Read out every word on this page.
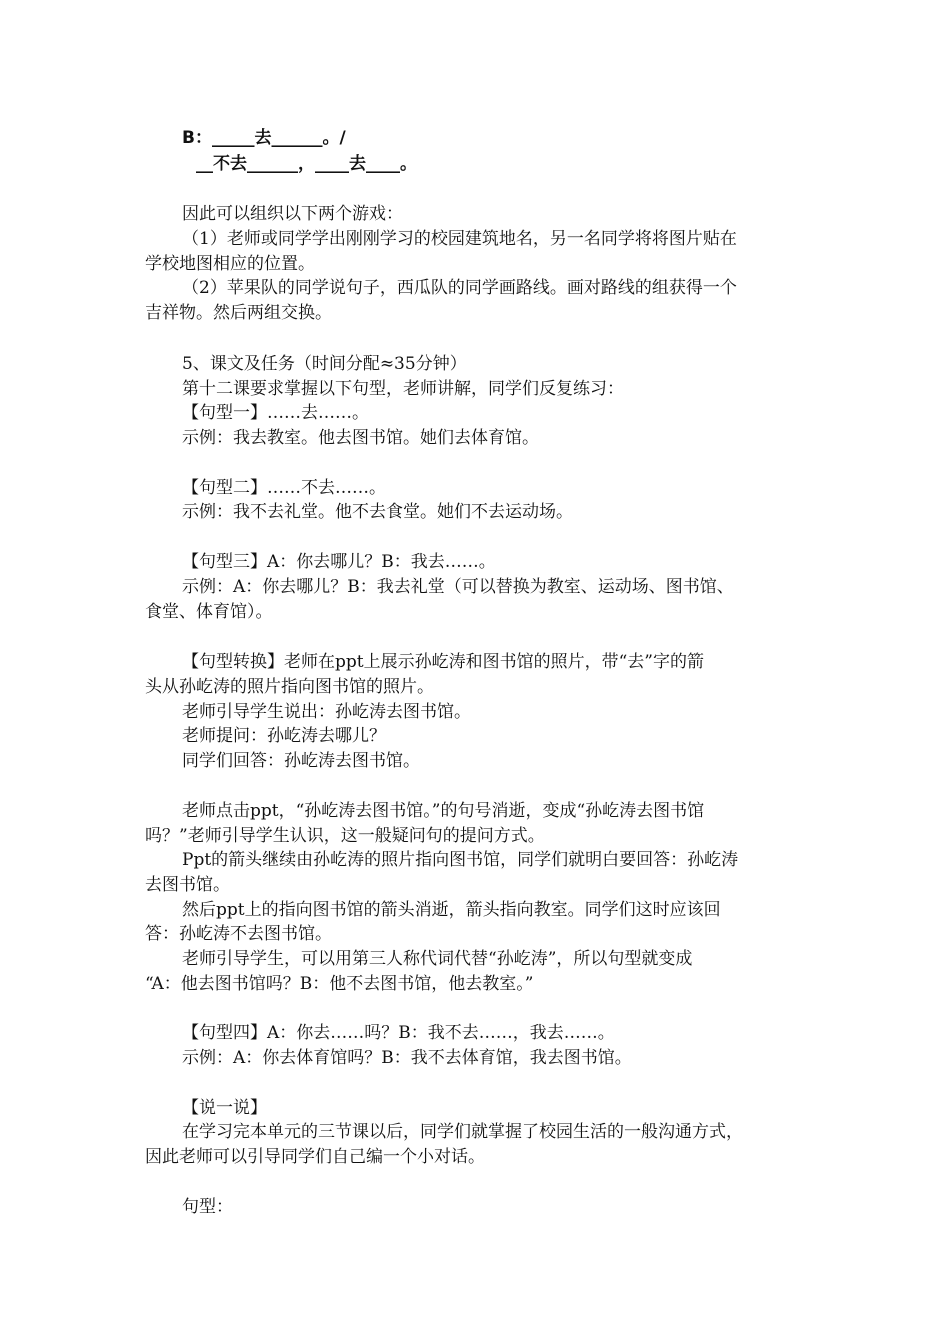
B：_____去______。/
__不去______，____去____。
因此可以组织以下两个游戏：
（1）老师或同学学出刚刚学习的校园建筑地名，另一名同学将将图片贴在
学校地图相应的位置。
（2）苹果队的同学说句子，西瓜队的同学画路线。画对路线的组获得一个
吉祥物。然后两组交换。
5、课文及任务（时间分配≈35分钟）
第十二课要求掌握以下句型，老师讲解，同学们反复练习：
【句型一】……去……。
示例：我去教室。他去图书馆。她们去体育馆。
【句型二】……不去……。
示例：我不去礼堂。他不去食堂。她们不去运动场。
【句型三】A：你去哪儿？B：我去……。
示例：A：你去哪儿？B：我去礼堂（可以替换为教室、运动场、图书馆、
食堂、体育馆）。
【句型转换】老师在ppt上展示孙屹涛和图书馆的照片，带“去”字的箭
头从孙屹涛的照片指向图书馆的照片。
老师引导学生说出：孙屹涛去图书馆。
老师提问：孙屹涛去哪儿？
同学们回答：孙屹涛去图书馆。
老师点击ppt，“孙屹涛去图书馆。”的句号消逝，变成“孙屹涛去图书馆
吗？”老师引导学生认识，这一般疑问句的提问方式。
Ppt的箭头继续由孙屹涛的照片指向图书馆，同学们就明白要回答：孙屹涛
去图书馆。
然后ppt上的指向图书馆的箭头消逝，箭头指向教室。同学们这时应该回
答：孙屹涛不去图书馆。
老师引导学生，可以用第三人称代词代替“孙屹涛”，所以句型就变成
“A：他去图书馆吗？B：他不去图书馆，他去教室。”
【句型四】A：你去……吗？B：我不去……，我去……。
示例：A：你去体育馆吗？B：我不去体育馆，我去图书馆。
【说一说】
在学习完本单元的三节课以后，同学们就掌握了校园生活的一般沟通方式，
因此老师可以引导同学们自己编一个小对话。
句型：
